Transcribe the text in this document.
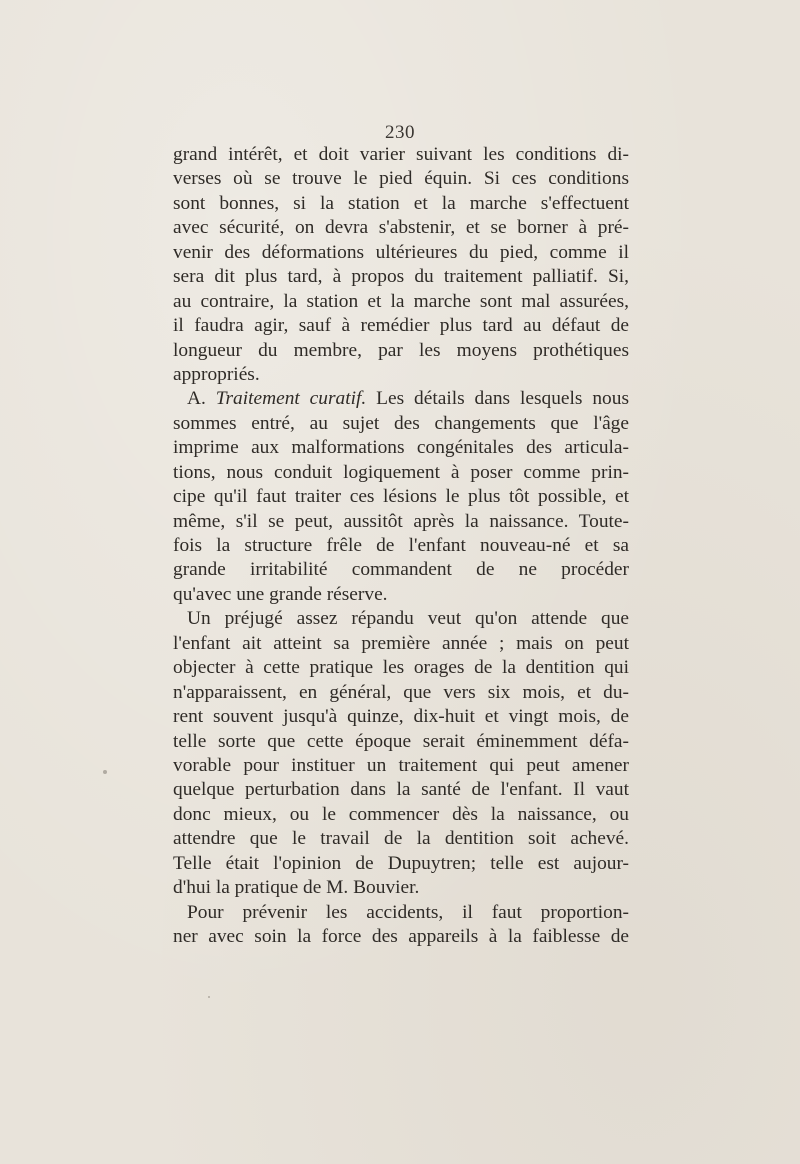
230
grand intérêt, et doit varier suivant les conditions di-
verses où se trouve le pied équin. Si ces conditions
sont bonnes, si la station et la marche s'effectuent
avec sécurité, on devra s'abstenir, et se borner à pré-
venir des déformations ultérieures du pied, comme il
sera dit plus tard, à propos du traitement palliatif. Si,
au contraire, la station et la marche sont mal assurées,
il faudra agir, sauf à remédier plus tard au défaut de
longueur du membre, par les moyens prothétiques
appropriés.
A. Traitement curatif. Les détails dans lesquels nous
sommes entré, au sujet des changements que l'âge
imprime aux malformations congénitales des articula-
tions, nous conduit logiquement à poser comme prin-
cipe qu'il faut traiter ces lésions le plus tôt possible, et
même, s'il se peut, aussitôt après la naissance. Toute-
fois la structure frêle de l'enfant nouveau-né et sa
grande irritabilité commandent de ne procéder
qu'avec une grande réserve.
Un préjugé assez répandu veut qu'on attende que
l'enfant ait atteint sa première année ; mais on peut
objecter à cette pratique les orages de la dentition qui
n'apparaissent, en général, que vers six mois, et du-
rent souvent jusqu'à quinze, dix-huit et vingt mois, de
telle sorte que cette époque serait éminemment défa-
vorable pour instituer un traitement qui peut amener
quelque perturbation dans la santé de l'enfant. Il vaut
donc mieux, ou le commencer dès la naissance, ou
attendre que le travail de la dentition soit achevé.
Telle était l'opinion de Dupuytren; telle est aujour-
d'hui la pratique de M. Bouvier.
Pour prévenir les accidents, il faut proportion-
ner avec soin la force des appareils à la faiblesse de
